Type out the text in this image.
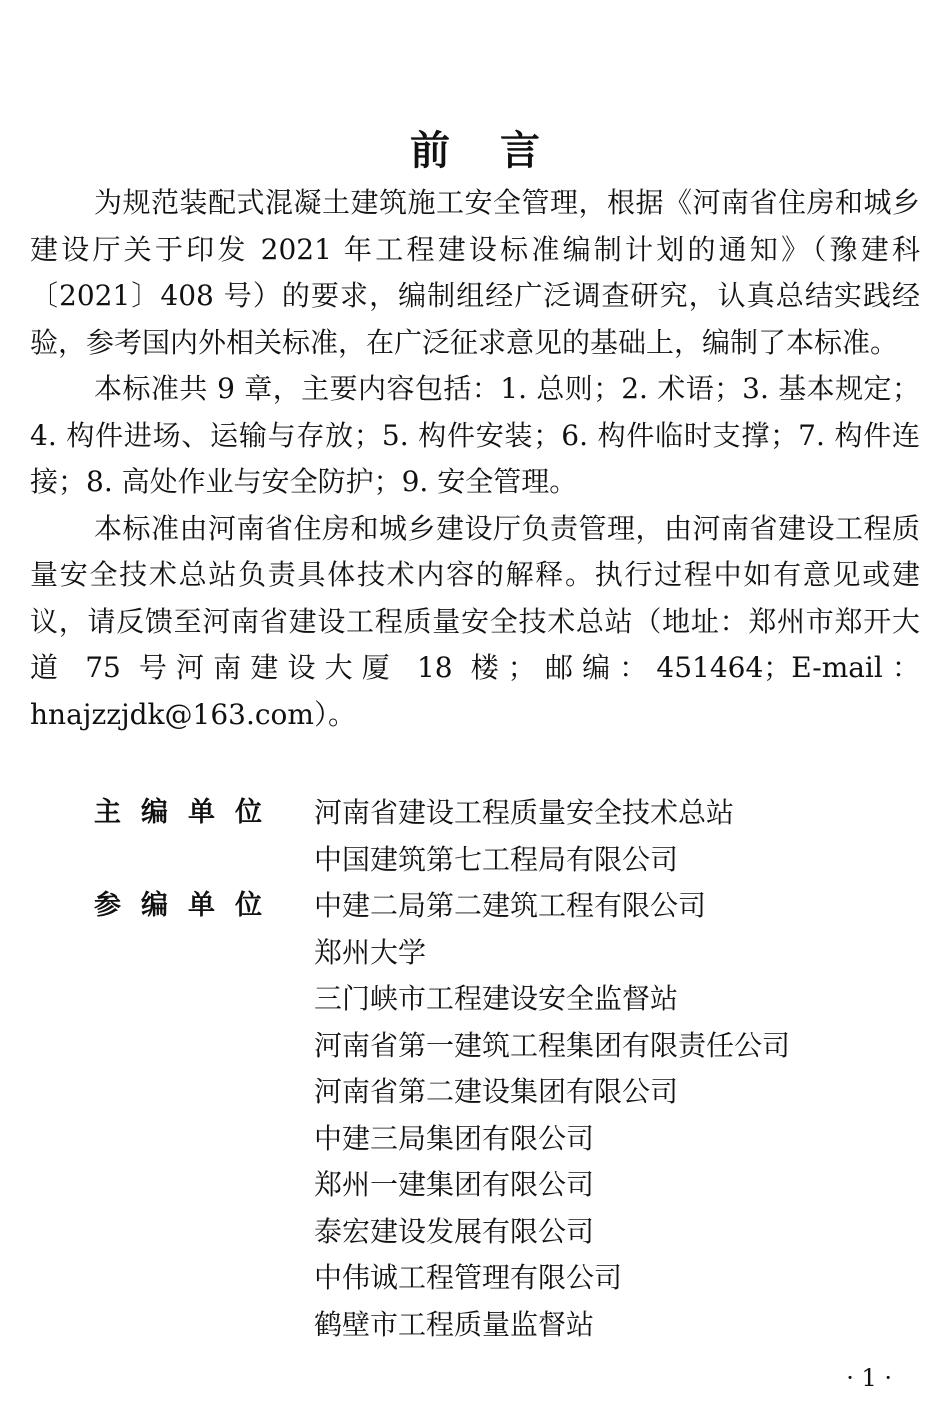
前言

为规范装配式混凝土建筑施工安全管理，根据《河南省住房和城乡建设厅关于印发 2021 年工程建设标准编制计划的通知》（豫建科〔2021〕408 号）的要求，编制组经广泛调查研究，认真总结实践经验，参考国内外相关标准，在广泛征求意见的基础上，编制了本标准。

本标准共 9 章，主要内容包括：1. 总则；2. 术语；3. 基本规定；4. 构件进场、运输与存放；5. 构件安装；6. 构件临时支撑；7. 构件连接；8. 高处作业与安全防护；9. 安全管理。

本标准由河南省住房和城乡建设厅负责管理，由河南省建设工程质量安全技术总站负责具体技术内容的解释。执行过程中如有意见或建议，请反馈至河南省建设工程质量安全技术总站（地址：郑州市郑开大道 75 号河南建设大厦 18 楼；邮编：451464；E-mail：hnajzzjdk@163.com）。

主编单位	河南省建设工程质量安全技术总站
中国建筑第七工程局有限公司
参编单位	中建二局第二建筑工程有限公司
郑州大学
三门峡市工程建设安全监督站
河南省第一建筑工程集团有限责任公司
河南省第二建设集团有限公司
中建三局集团有限公司
郑州一建集团有限公司
泰宏建设发展有限公司
中伟诚工程管理有限公司
鹤壁市工程质量监督站
· 1 ·
